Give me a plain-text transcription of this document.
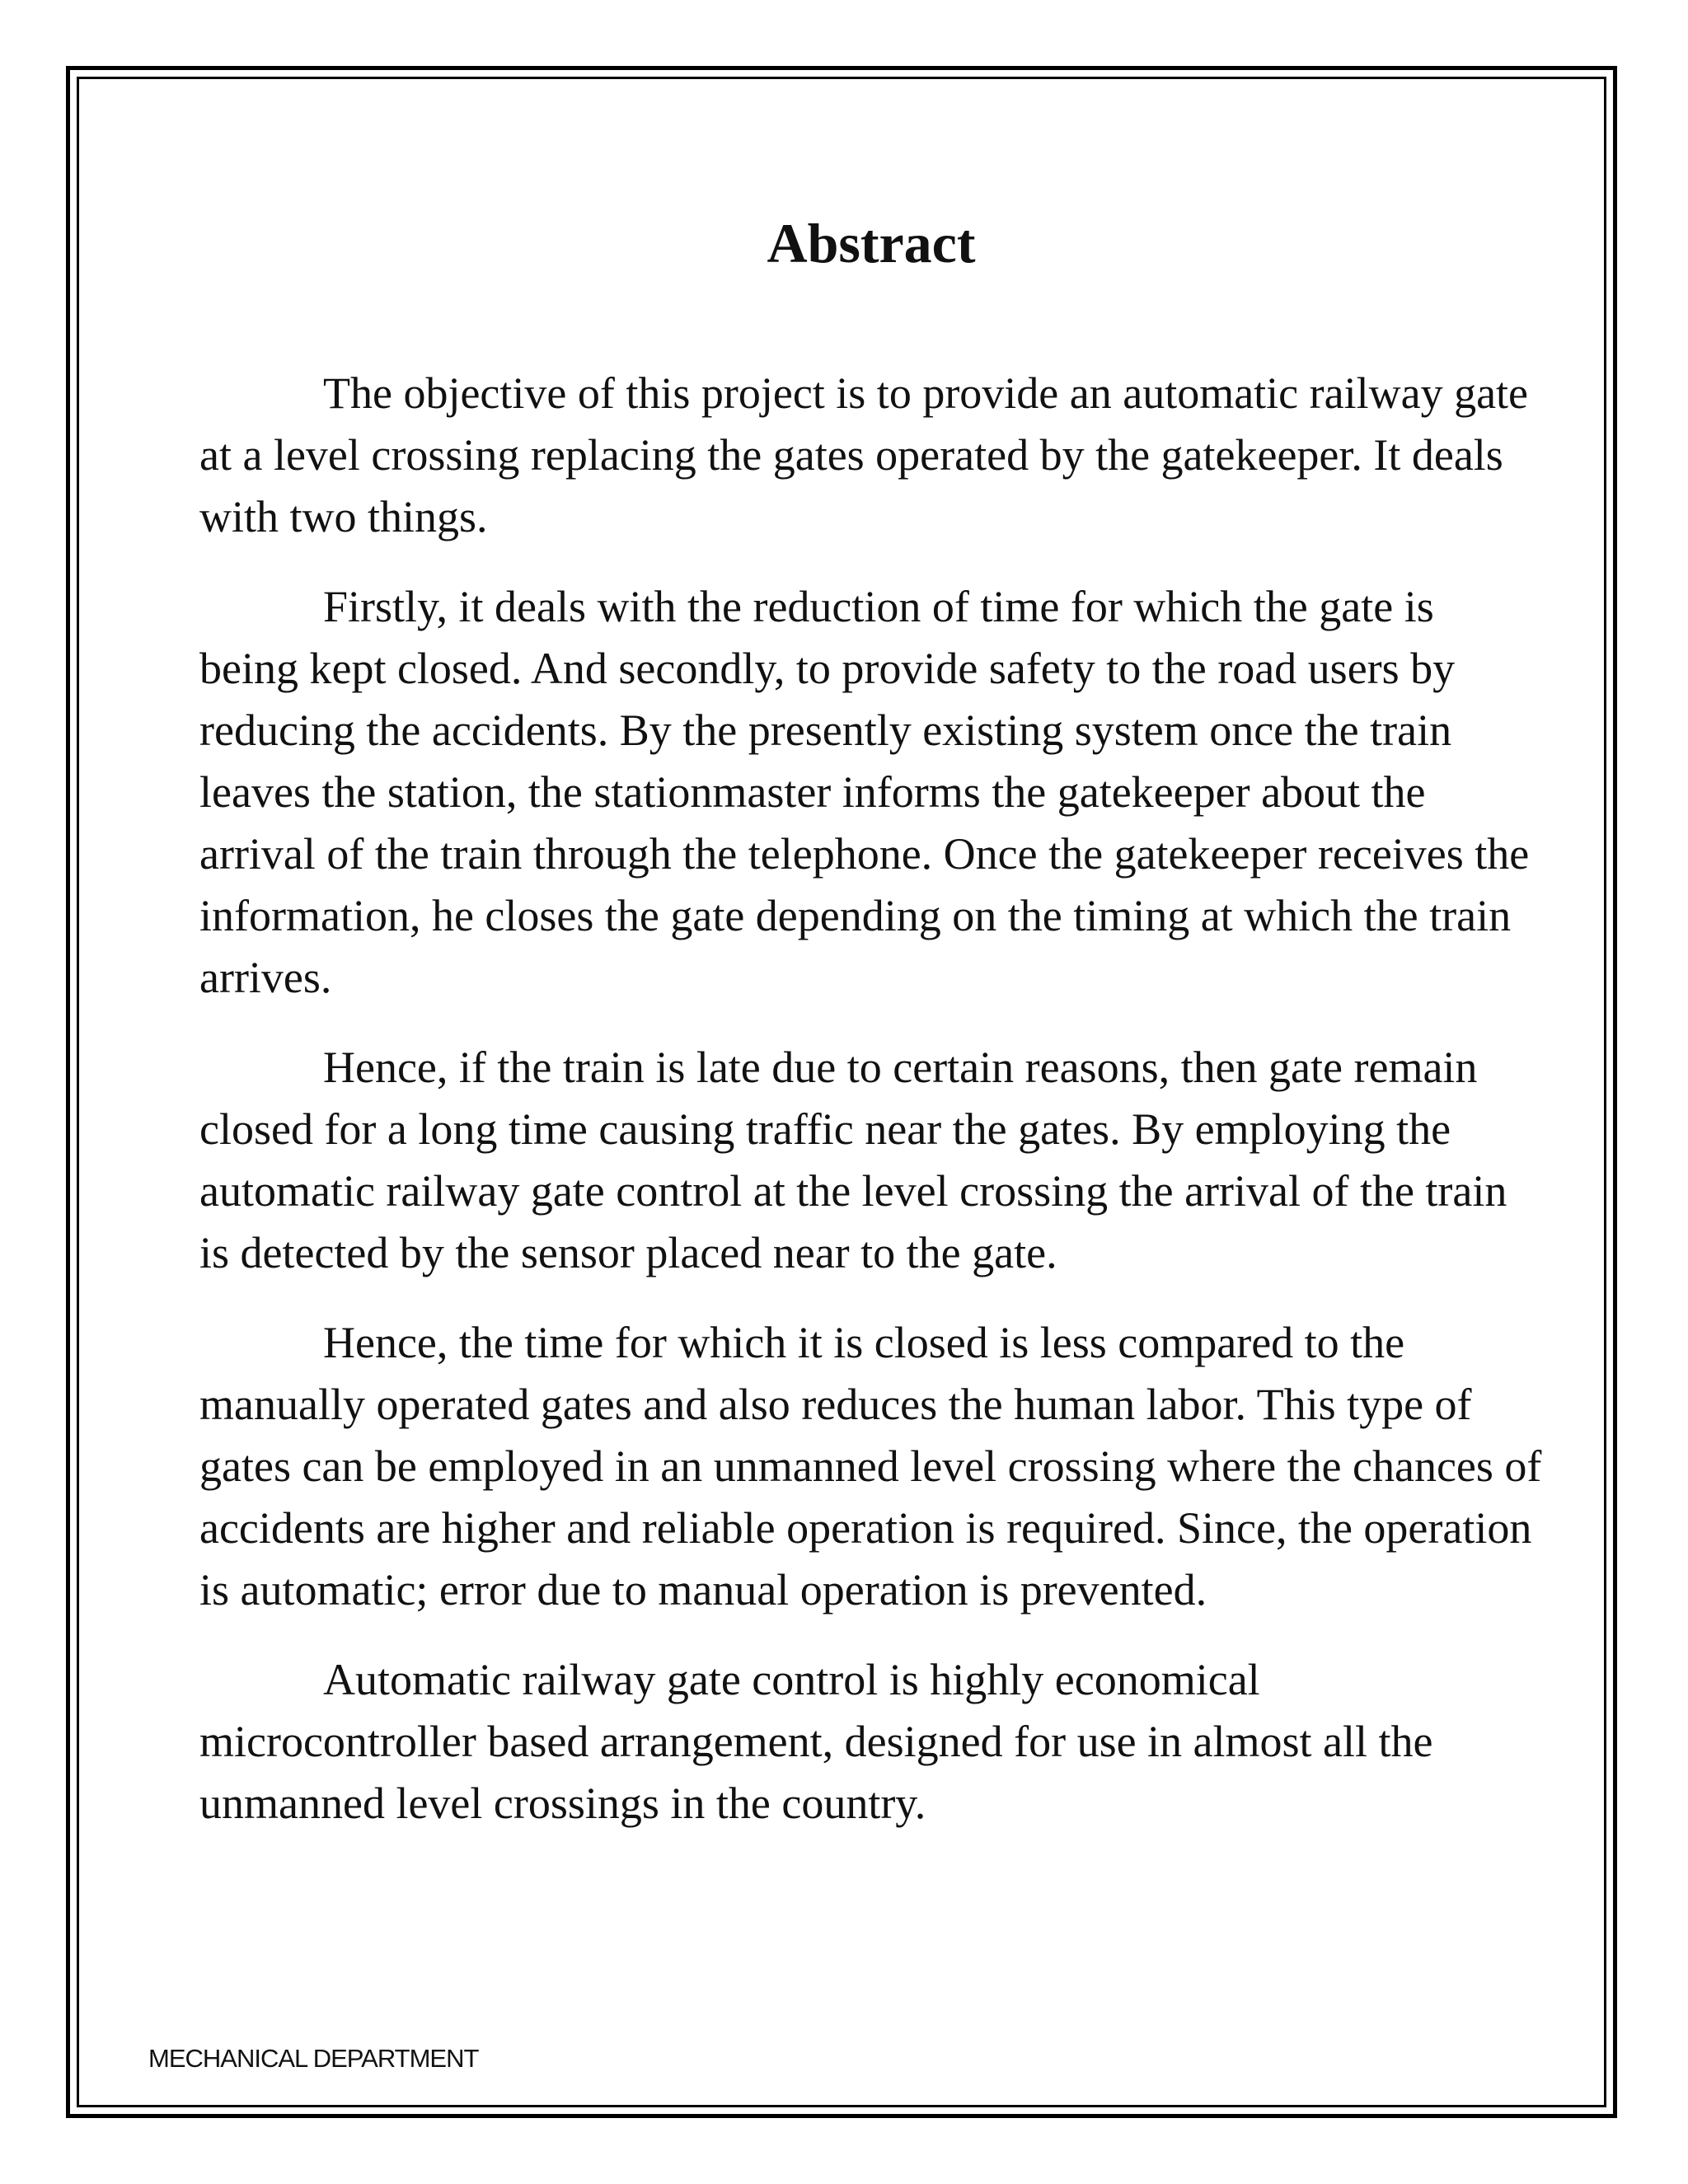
Abstract

The objective of this project is to provide an automatic railway gate at a level crossing replacing the gates operated by the gatekeeper. It deals with two things.

Firstly, it deals with the reduction of time for which the gate is being kept closed. And secondly, to provide safety to the road users by reducing the accidents. By the presently existing system once the train leaves the station, the stationmaster informs the gatekeeper about the arrival of the train through the telephone. Once the gatekeeper receives the information, he closes the gate depending on the timing at which the train arrives.

Hence, if the train is late due to certain reasons, then gate remain closed for a long time causing traffic near the gates. By employing the automatic railway gate control at the level crossing the arrival of the train is detected by the sensor placed near to the gate.

Hence, the time for which it is closed is less compared to the manually operated gates and also reduces the human labor. This type of gates can be employed in an unmanned level crossing where the chances of accidents are higher and reliable operation is required. Since, the operation is automatic; error due to manual operation is prevented.

Automatic railway gate control is highly economical microcontroller based arrangement, designed for use in almost all the unmanned level crossings in the country.

MECHANICAL DEPARTMENT
